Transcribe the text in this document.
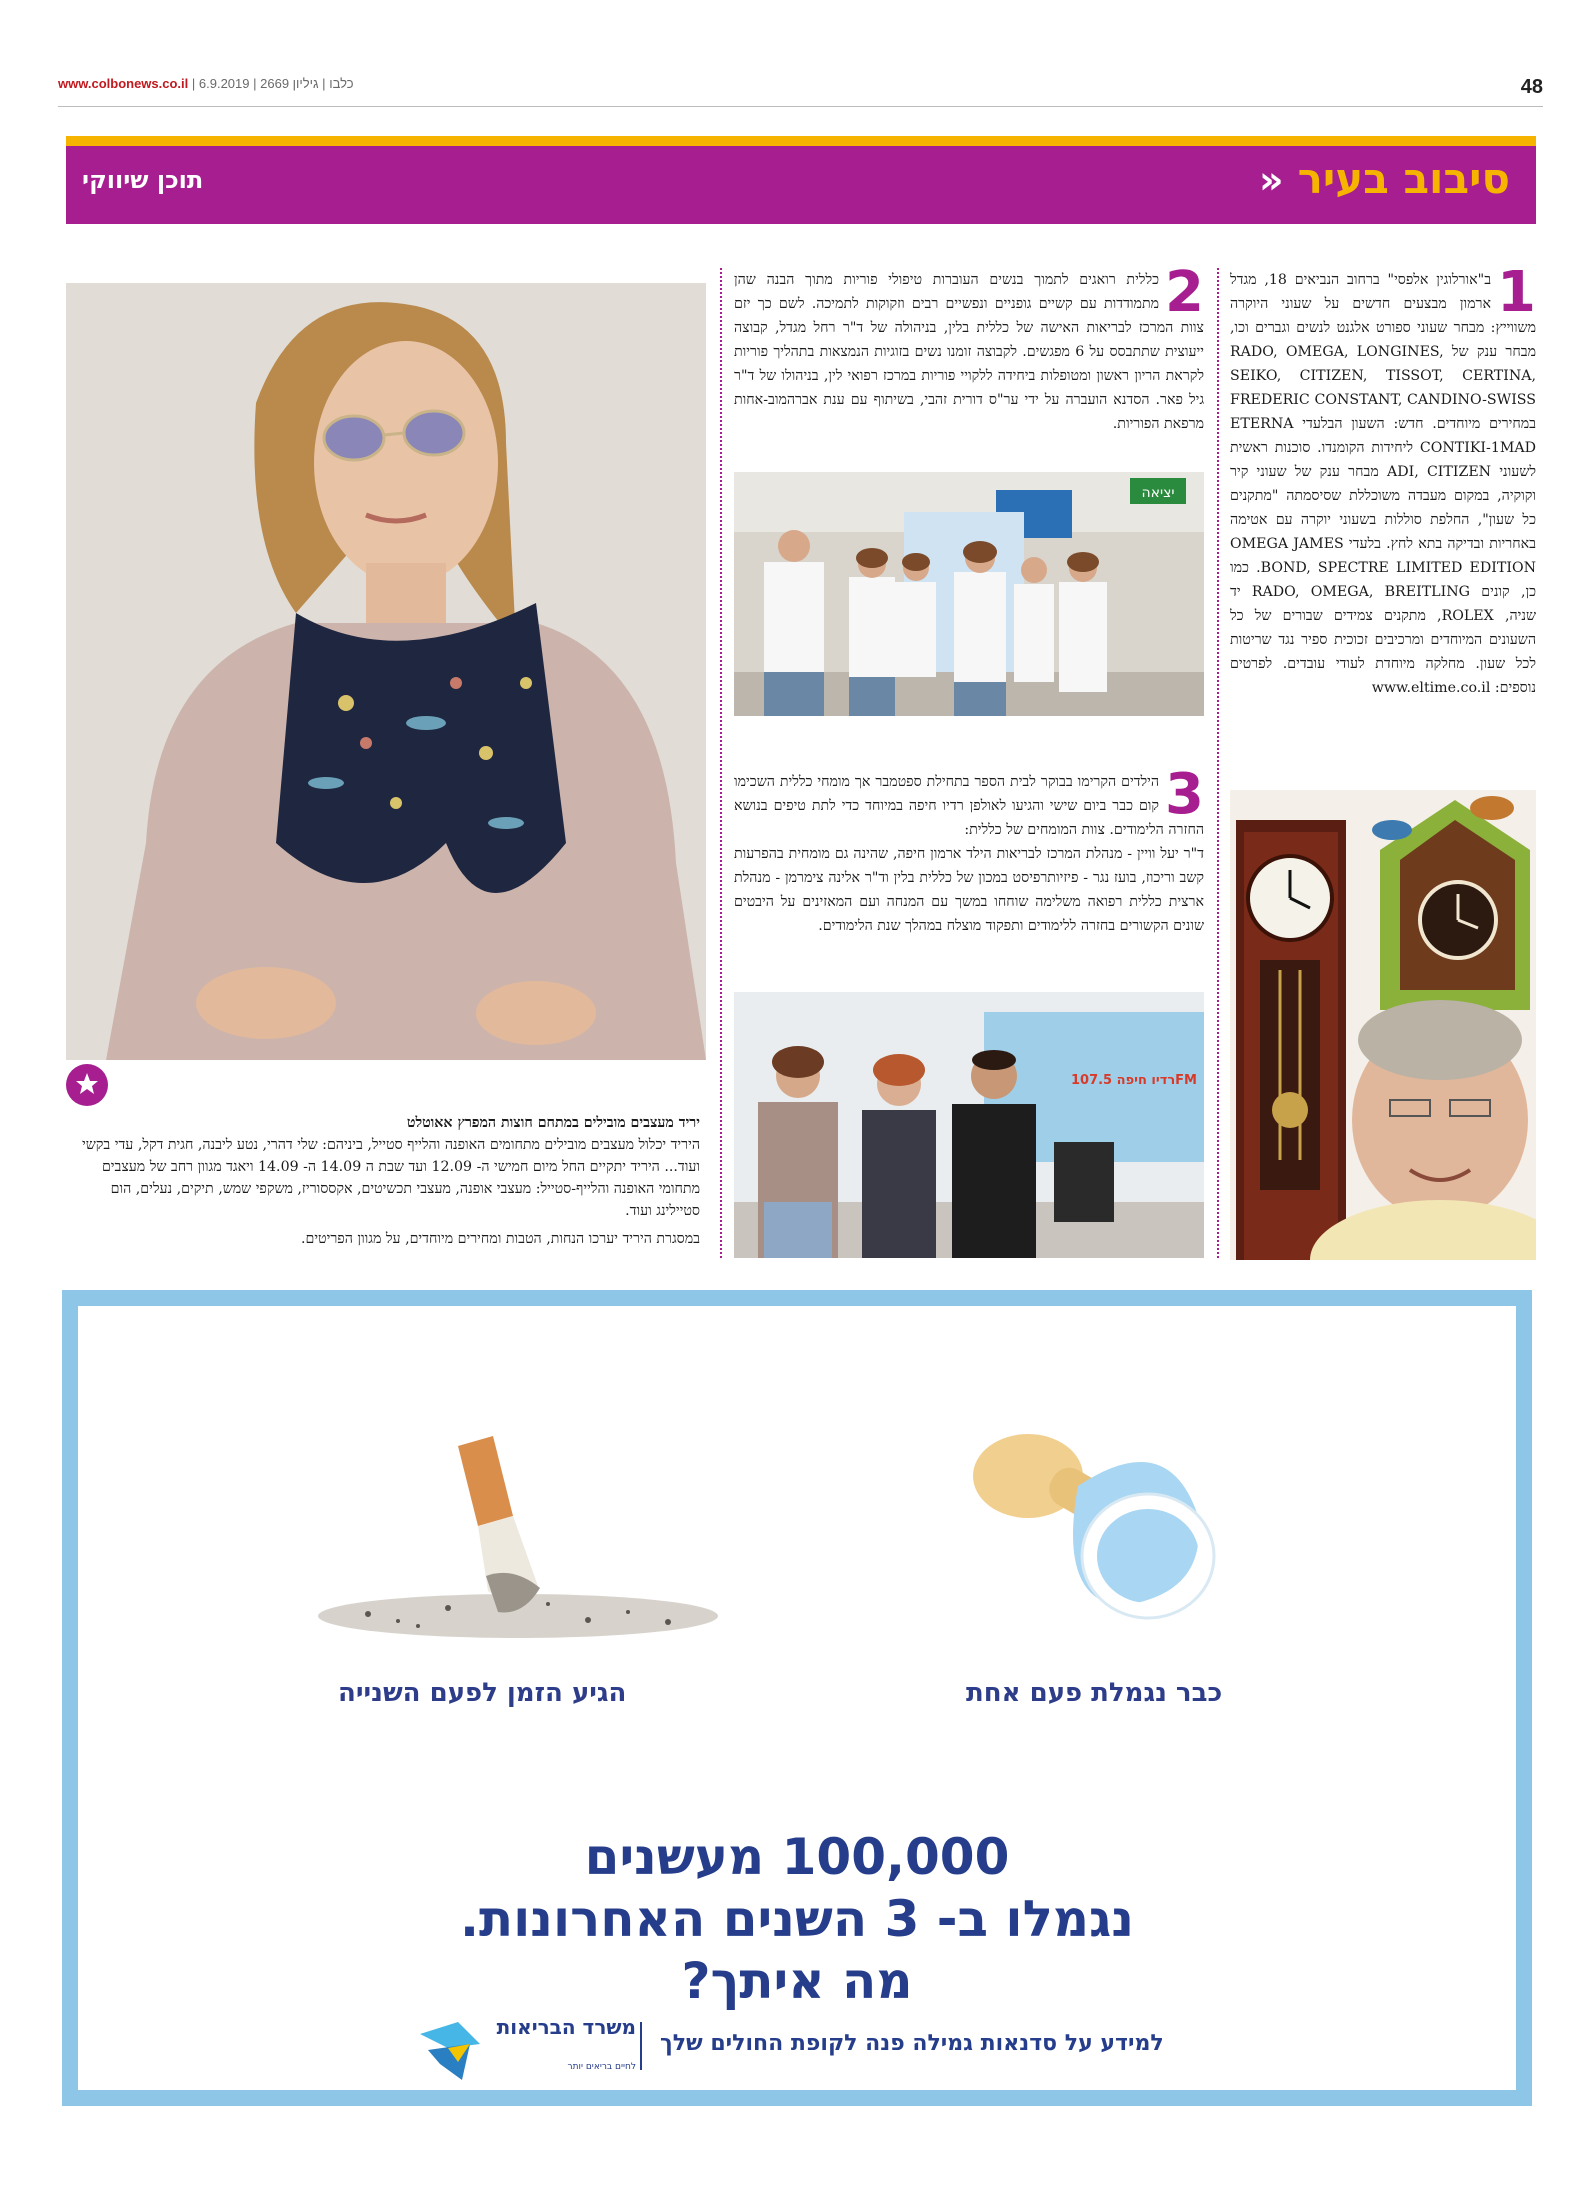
www.colbonews.co.il |	כלבו | גיליון 2669 | 6.9.2019	48
סיבוב בעיר«
תוכן שיווקי
1
ב"אורלוגין אלפסי" ברחוב הנביאים 18, מגדל ארמון מבצעים חדשים על שעוני היוקרה משווייץ: מבחר שעוני ספורט אלגנט לנשים וגברים וכו, מבחר ענק של RADO, OMEGA, LONGINES, SEIKO, CITIZEN, TISSOT, CERTINA, FREDERIC CONSTANT, CANDINO-SWISS במחירים מיוחדים. חדש: השעון הבלעדי ETERNA CONTIKI-1MAD ליחידות הקומנדו. סוכנות ראשית לשעוני ADI, CITIZEN מבחר ענק של שעוני קיר וקוקיה, במקום מעבדה משוכללת שסיסמתה "מתקנים כל שעון", החלפת סוללות בשעוני יוקרה עם אטימה באחריות ובדיקה בתא לחץ. בלעדי OMEGA JAMES BOND, SPECTRE LIMITED EDITION. כמו כן, קונים RADO, OMEGA, BREITLING יד שניה, ROLEX, מתקנים צמידים שבורים של כל השעונים המיוחדים ומרכיבים זכוכית ספיר נגד שריטות לכל שעון. מחלקה מיוחדת לעודי עובדים. לפרטים נוספים: www.eltime.co.il
2
כללית רואגים לתמוך בנשים העוברות טיפולי פוריות מתוך הבנה שהן מתמודדות עם קשיים גופניים ונפשיים רבים וזקוקות לתמיכה. לשם כך יזם צוות המרכז לבריאות האישה של כללית בלין, בניהולה של ד"ר רחל מגדל, קבוצה ייעוצית שתתבסס על 6 מפגשים. לקבוצה זומנו נשים בזוגיות הנמצאות בתהליך פוריות לקראת הריון ראשון ומטופלות ביחידה ללקויי פוריות במרכז רפואי לין, בניהולו של ד"ר גיל פאר. הסדנא הועברה על ידי ער"ס דורית זהבי, בשיתוף עם ענת אברהמוב-אחות מרפאת הפוריות.
יציאה
3
הילדים הקרימו בבוקר לבית הספר בתחילת ספטמבר אך מומחי כללית השכימו קום כבר ביום שישי והגיעו לאולפן רדיו חיפה במיוחד כדי לתת טיפים בנושא החזרה הלימודים. צוות המומחים של כללית:
ד"ר יעל וויין - מנהלת המרכז לבריאות הילד ארמון חיפה, שהינה גם מומחית בהפרעות קשב וריכוז, בועז נגר - פיזיותרפיסט במכון של כללית בלין וד"ר אלינה צימרמן - מנהלת ארצית כללית רפואה משלימה שוחחו במשך עם המנחה ועם המאזינים על היבטים שונים הקשורים בחזרה ללימודים ותפקוד מוצלח במהלך שנת הלימודים.
רדיו חיפה 107.5FM
יריד מעצבים מובילים במתחם חוצות המפרץ אאוטלט
היריד יכלול מעצבים מובילים מתחומים האופנה והלייף סטייל, ביניהם: שלי דהרי, נטע ליבנה, חגית דקל, עדי בקשי ועוד... היריד יתקיים החל מיום חמישי ה- 12.09 ועד שבת ה 14.09 ה- 14.09 ויאגד מגוון רחב של מעצבים מתחומי האופנה והלייף-סטייל: מעצבי אופנה, מעצבי תכשיטים, אקססוריז, משקפי שמש, תיקים, נעלים, הום סטיילינג ועוד.
במסגרת היריד יערכו הנחות, הטבות ומחירים מיוחדים, על מגוון הפריטים.
הגיע הזמן לפעם השנייה	כבר נגמלת פעם אחת
100,000 מעשנים
נגמלו ב- 3 השנים האחרונות.
מה איתך?
למידע על סדנאות גמילה פנה לקופת החולים שלך
משרד הבריאות
לחיים בריאים יותר
